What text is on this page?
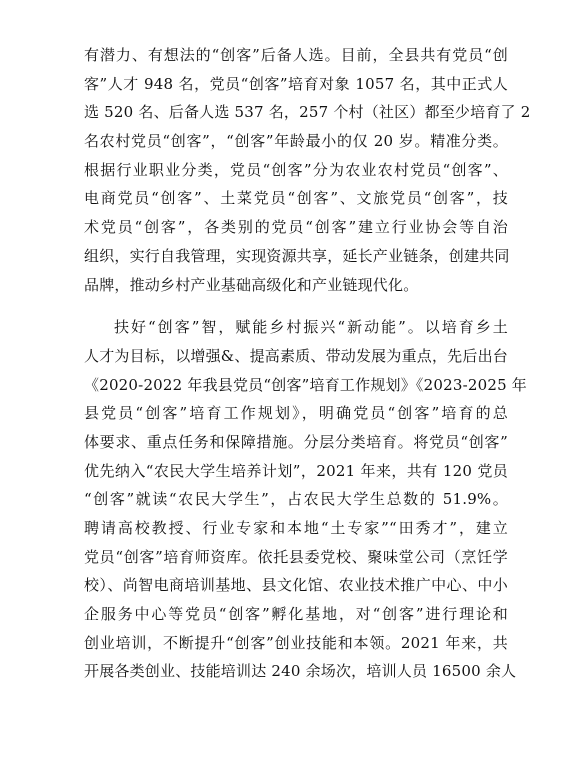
有潜力、有想法的“创客”后备人选。目前，全县共有党员“创
客”人才 948 名，党员“创客”培育对象 1057 名，其中正式人
选 520 名、后备人选 537 名，257 个村（社区）都至少培育了 2
名农村党员“创客”，“创客”年龄最小的仅 20 岁。精准分类。
根据行业职业分类，党员“创客”分为农业农村党员“创客”、
电商党员“创客”、土菜党员“创客”、文旅党员“创客”，技
术党员“创客”，各类别的党员“创客”建立行业协会等自治
组织，实行自我管理，实现资源共享，延长产业链条，创建共同
品牌，推动乡村产业基础高级化和产业链现代化。
扶好“创客”智，赋能乡村振兴“新动能”。以培育乡土
人才为目标，以增强&、提高素质、带动发展为重点，先后出台
《2020-2022 年我县党员“创客”培育工作规划》《2023-2025 年
县党员“创客”培育工作规划》，明确党员“创客”培育的总
体要求、重点任务和保障措施。分层分类培育。将党员“创客”
优先纳入“农民大学生培养计划”，2021 年来，共有 120 党员
“创客”就读“农民大学生”，占农民大学生总数的 51.9%。
聘请高校教授、行业专家和本地“土专家”“田秀才”，建立
党员“创客”培育师资库。依托县委党校、聚味堂公司（烹饪学
校）、尚智电商培训基地、县文化馆、农业技术推广中心、中小
企服务中心等党员“创客”孵化基地，对“创客”进行理论和
创业培训，不断提升“创客”创业技能和本领。2021 年来，共
开展各类创业、技能培训达 240 余场次，培训人员 16500 余人
